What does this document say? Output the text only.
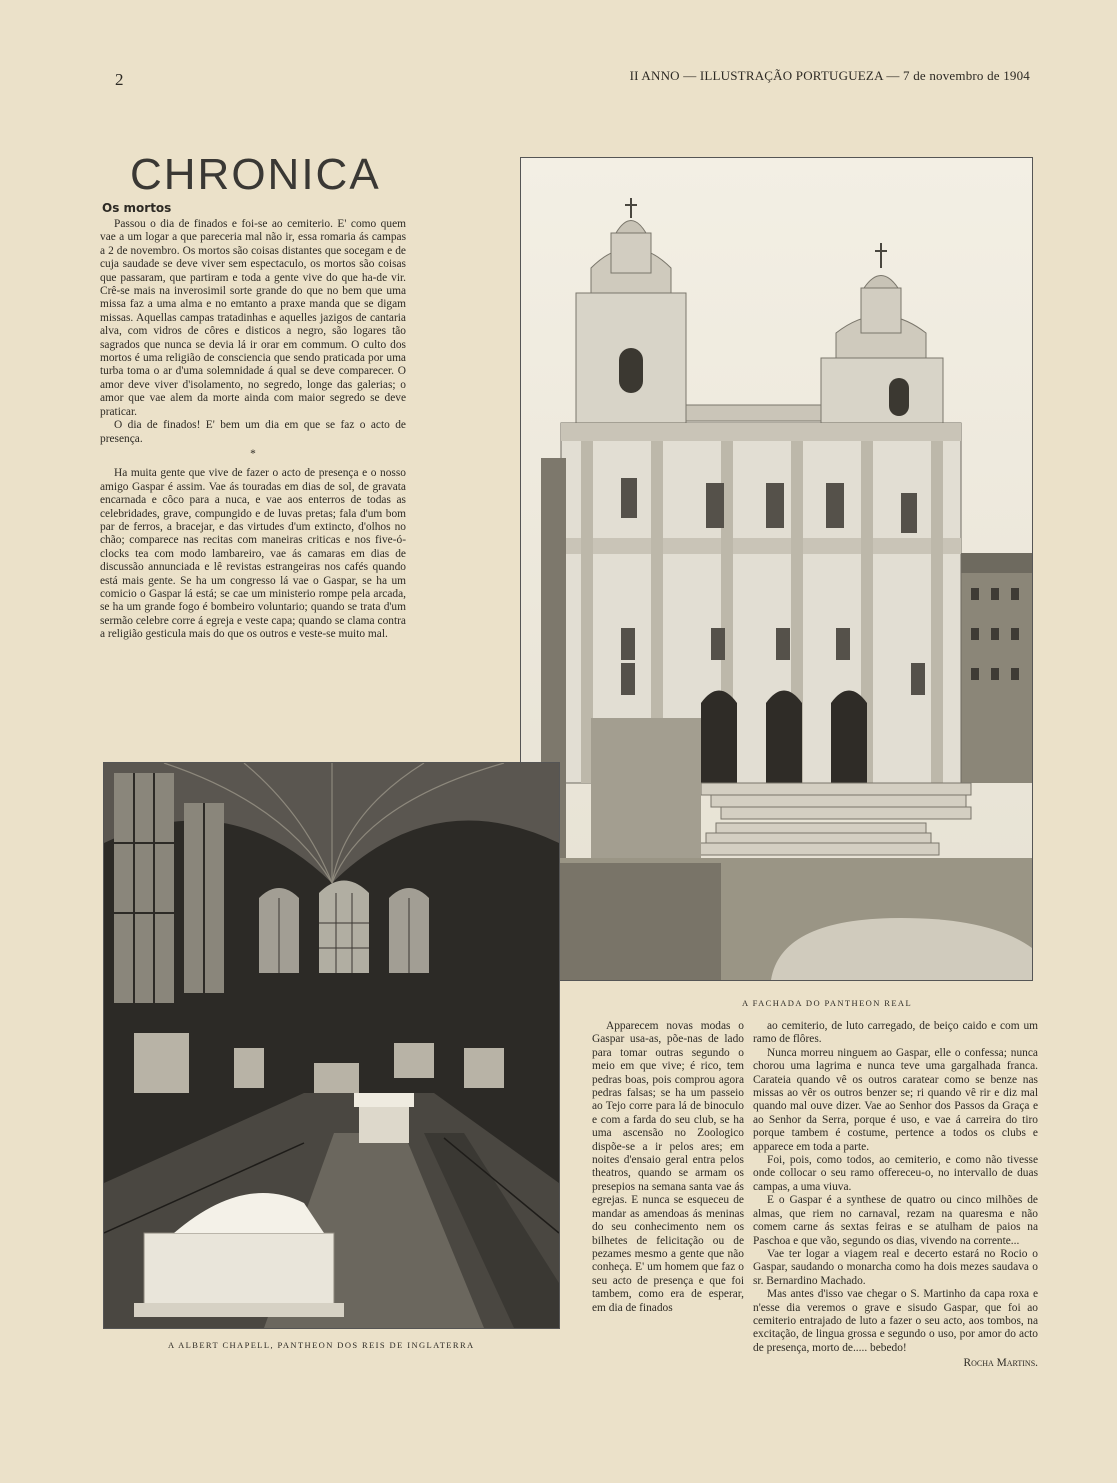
2	II ANNO — ILLUSTRAÇÃO PORTUGUEZA — 7 de novembro de 1904
CHRONICA
Os mortos

Passou o dia de finados e foi-se ao cemiterio. E' como quem vae a um logar a que pareceria mal não ir, essa romaria ás campas a 2 de novembro. Os mortos são coisas distantes que socegam e de cuja saudade se deve viver sem espectaculo, os mortos são coisas que passaram, que partiram e toda a gente vive do que ha-de vir. Crê-se mais na inverosimil sorte grande do que no bem que uma missa faz a uma alma e no emtanto a praxe manda que se digam missas. Aquellas campas tratadinhas e aquelles jazigos de cantaria alva, com vidros de côres e disticos a negro, são logares tão sagrados que nunca se devia lá ir orar em commum. O culto dos mortos é uma religião de consciencia que sendo praticada por uma turba toma o ar d'uma solemnidade á qual se deve comparecer. O amor deve viver d'isolamento, no segredo, longe das galerias; o amor que vae alem da morte ainda com maior segredo se deve praticar.

O dia de finados! E' bem um dia em que se faz o acto de presença.

*

Ha muita gente que vive de fazer o acto de presença e o nosso amigo Gaspar é assim. Vae ás touradas em dias de sol, de gravata encarnada e côco para a nuca, e vae aos enterros de todas as celebridades, grave, compungido e de luvas pretas; fala d'um bom par de ferros, a bracejar, e das virtudes d'um extincto, d'olhos no chão; comparece nas recitas com maneiras criticas e nos five-ó-clocks tea com modo lambareiro, vae ás camaras em dias de discussão annunciada e lê revistas estrangeiras nos cafés quando está mais gente. Se ha um congresso lá vae o Gaspar, se ha um comicio o Gaspar lá está; se cae um ministerio rompe pela arcada, se ha um grande fogo é bombeiro voluntario; quando se trata d'um sermão celebre corre á egreja e veste capa; quando se clama contra a religião gesticula mais do que os outros e veste-se muito mal.

A FACHADA DO PANTHEON REAL
A ALBERT CHAPELL, PANTHEON DOS REIS DE INGLATERRA

Apparecem novas modas o Gaspar usa-as, põe-nas de lado para tomar outras segundo o meio em que vive; é rico, tem pedras boas, pois comprou agora pedras falsas; se ha um passeio ao Tejo corre para lá de binoculo e com a farda do seu club, se ha uma ascensão no Zoologico dispõe-se a ir pelos ares; em noites d'ensaio geral entra pelos theatros, quando se armam os presepios na semana santa vae ás egrejas. E nunca se esqueceu de mandar as amendoas ás meninas do seu conhecimento nem os bilhetes de felicitação ou de pezames mesmo a gente que não conheça. E' um homem que faz o seu acto de presença e que foi tambem, como era de esperar, em dia de finados

ao cemiterio, de luto carregado, de beiço caido e com um ramo de flôres.

Nunca morreu ninguem ao Gaspar, elle o confessa; nunca chorou uma lagrima e nunca teve uma gargalhada franca. Carateia quando vê os outros caratear como se benze nas missas ao vêr os outros benzer se; ri quando vê rir e diz mal quando mal ouve dizer. Vae ao Senhor dos Passos da Graça e ao Senhor da Serra, porque é uso, e vae á carreira do tiro porque tambem é costume, pertence a todos os clubs e apparece em toda a parte.

Foi, pois, como todos, ao cemiterio, e como não tivesse onde collocar o seu ramo offereceu-o, no intervallo de duas campas, a uma viuva.

E o Gaspar é a synthese de quatro ou cinco milhões de almas, que riem no carnaval, rezam na quaresma e não comem carne ás sextas feiras e se atulham de paios na Paschoa e que vão, segundo os dias, vivendo na corrente...

Vae ter logar a viagem real e decerto estará no Rocio o Gaspar, saudando o monarcha como ha dois mezes saudava o sr. Bernardino Machado.

Mas antes d'isso vae chegar o S. Martinho da capa roxa e n'esse dia veremos o grave e sisudo Gaspar, que foi ao cemiterio entrajado de luto a fazer o seu acto, aos tombos, na excitação, de lingua grossa e segundo o uso, por amor do acto de presença, morto de..... bebedo!

Rocha Martins.
